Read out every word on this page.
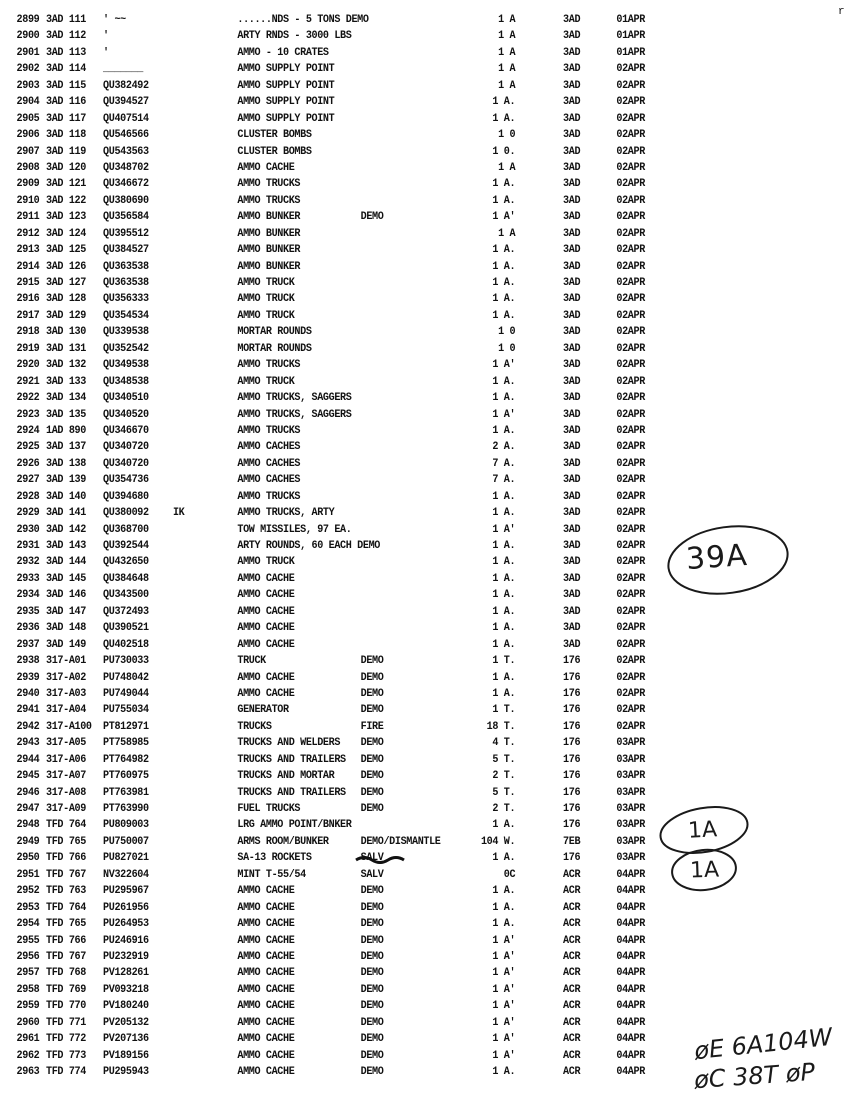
r
2899 3AD 111 ' ~~	......NDS - 5 TONS DEMO	1 A	3AD	01APR
2900 3AD 112 '	ARTY RNDS - 3000 LBS	1 A	3AD	01APR
2901 3AD 113 '	AMMO - 10 CRATES	1 A	3AD	01APR
2902 3AD 114 _______	AMMO SUPPLY POINT	1 A	3AD	02APR
2903 3AD 115 QU382492	AMMO SUPPLY POINT	1 A	3AD	02APR
2904 3AD 116 QU394527	AMMO SUPPLY POINT	1 A.	3AD	02APR
2905 3AD 117 QU407514	AMMO SUPPLY POINT	1 A.	3AD	02APR
2906 3AD 118 QU546566	CLUSTER BOMBS	1 0	3AD	02APR
2907 3AD 119 QU543563	CLUSTER BOMBS	1 0.	3AD	02APR
2908 3AD 120 QU348702	AMMO CACHE	1 A	3AD	02APR
2909 3AD 121 QU346672	AMMO TRUCKS	1 A.	3AD	02APR
2910 3AD 122 QU380690	AMMO TRUCKS	1 A.	3AD	02APR
2911 3AD 123 QU356584	AMMO BUNKER	DEMO	1 A'	3AD	02APR
2912 3AD 124 QU395512	AMMO BUNKER	1 A	3AD	02APR
2913 3AD 125 QU384527	AMMO BUNKER	1 A.	3AD	02APR
2914 3AD 126 QU363538	AMMO BUNKER	1 A.	3AD	02APR
2915 3AD 127 QU363538	AMMO TRUCK	1 A.	3AD	02APR
2916 3AD 128 QU356333	AMMO TRUCK	1 A.	3AD	02APR
2917 3AD 129 QU354534	AMMO TRUCK	1 A.	3AD	02APR
2918 3AD 130 QU339538	MORTAR ROUNDS	1 0	3AD	02APR
2919 3AD 131 QU352542	MORTAR ROUNDS	1 0	3AD	02APR
2920 3AD 132 QU349538	AMMO TRUCKS	1 A'	3AD	02APR
2921 3AD 133 QU348538	AMMO TRUCK	1 A.	3AD	02APR
2922 3AD 134 QU340510	AMMO TRUCKS, SAGGERS	1 A.	3AD	02APR
2923 3AD 135 QU340520	AMMO TRUCKS, SAGGERS	1 A'	3AD	02APR
2924 1AD 890 QU346670	AMMO TRUCKS	1 A.	3AD	02APR
2925 3AD 137 QU340720	AMMO CACHES	2 A.	3AD	02APR
2926 3AD 138 QU340720	AMMO CACHES	7 A.	3AD	02APR
2927 3AD 139 QU354736	AMMO CACHES	7 A.	3AD	02APR
2928 3AD 140 QU394680	AMMO TRUCKS	1 A.	3AD	02APR
2929 3AD 141 QU380092 IK	AMMO TRUCKS, ARTY	1 A.	3AD	02APR
2930 3AD 142 QU368700	TOW MISSILES, 97 EA.	1 A'	3AD	02APR
2931 3AD 143 QU392544	ARTY ROUNDS, 60 EACH DEMO	1 A.	3AD	02APR
2932 3AD 144 QU432650	AMMO TRUCK	1 A.	3AD	02APR
2933 3AD 145 QU384648	AMMO CACHE	1 A.	3AD	02APR
2934 3AD 146 QU343500	AMMO CACHE	1 A.	3AD	02APR
2935 3AD 147 QU372493	AMMO CACHE	1 A.	3AD	02APR
2936 3AD 148 QU390521	AMMO CACHE	1 A.	3AD	02APR
2937 3AD 149 QU402518	AMMO CACHE	1 A.	3AD	02APR
2938 317-A01 PU730033	TRUCK	DEMO	1 T.	176	02APR
2939 317-A02 PU748042	AMMO CACHE	DEMO	1 A.	176	02APR
2940 317-A03 PU749044	AMMO CACHE	DEMO	1 A.	176	02APR
2941 317-A04 PU755034	GENERATOR	DEMO	1 T.	176	02APR
2942 317-A100 PT812971	TRUCKS	FIRE	18 T.	176	02APR
2943 317-A05 PT758985	TRUCKS AND WELDERS DEMO	4 T.	176	03APR
2944 317-A06 PT764982	TRUCKS AND TRAILERS DEMO	5 T.	176	03APR
2945 317-A07 PT760975	TRUCKS AND MORTAR DEMO	2 T.	176	03APR
2946 317-A08 PT763981	TRUCKS AND TRAILERS DEMO	5 T.	176	03APR
2947 317-A09 PT763990	FUEL TRUCKS	DEMO	2 T.	176	03APR
2948 TFD 764 PU809003	LRG AMMO POINT/BNKER	1 A.	176	03APR
2949 TFD 765 PU750007	ARMS ROOM/BUNKER	DEMO/DISMANTLE	104 W.	7EB	03APR
2950 TFD 766 PU827021	SA-13 ROCKETS	SALV	1 A.	176	03APR
2951 TFD 767 NV322604	MINT T-55/54	SALV	0C	ACR	04APR
2952 TFD 763 PU295967	AMMO CACHE	DEMO	1 A.	ACR	04APR
2953 TFD 764 PU261956	AMMO CACHE	DEMO	1 A.	ACR	04APR
2954 TFD 765 PU264953	AMMO CACHE	DEMO	1 A.	ACR	04APR
2955 TFD 766 PU246916	AMMO CACHE	DEMO	1 A'	ACR	04APR
2956 TFD 767 PU232919	AMMO CACHE	DEMO	1 A'	ACR	04APR
2957 TFD 768 PV128261	AMMO CACHE	DEMO	1 A'	ACR	04APR
2958 TFD 769 PV093218	AMMO CACHE	DEMO	1 A'	ACR	04APR
2959 TFD 770 PV180240	AMMO CACHE	DEMO	1 A'	ACR	04APR
2960 TFD 771 PV205132	AMMO CACHE	DEMO	1 A'	ACR	04APR
2961 TFD 772 PV207136	AMMO CACHE	DEMO	1 A'	ACR	04APR
2962 TFD 773 PV189156	AMMO CACHE	DEMO	1 A'	ACR	04APR
2963 TFD 774 PU295943	AMMO CACHE	DEMO	1 A.	ACR	04APR
39A
1A
1A
øE 6A104W
øC 38T øP
